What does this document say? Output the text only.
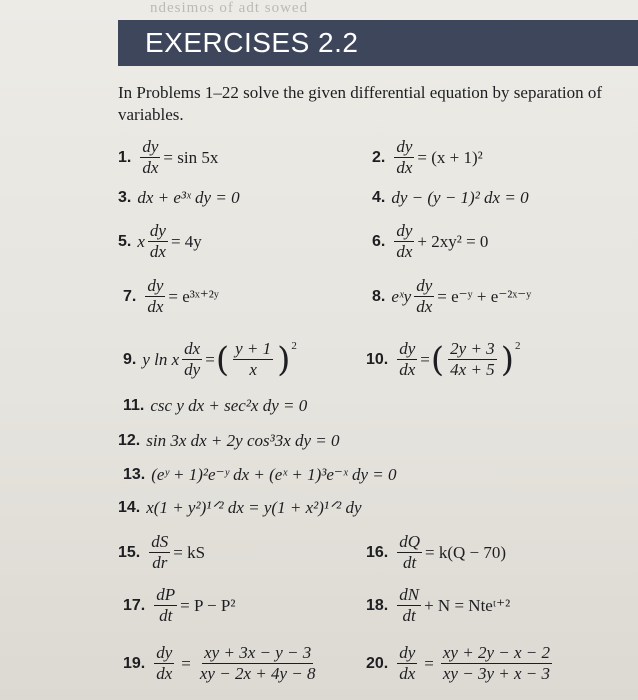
ndesimos of adt sowed
EXERCISES 2.2
In Problems 1–22 solve the given differential equation by separation of variables.
1. $\frac{dy}{dx} = \sin 5x$	2. $\frac{dy}{dx} = (x + 1)^2$
3. dx + e³ˣ dy = 0	4. dy − (y − 1)² dx = 0
5. x $\frac{dy}{dx} = 4y$	6. $\frac{dy}{dx} + 2xy^2 = 0$
7. $\frac{dy}{dx}$ = e³ˣ⁺²ʸ	8. eˣy $\frac{dy}{dx}$ = e⁻ʸ + e⁻²ˣ⁻ʸ
9. y ln x $\frac{dx}{dy}$ = ( $\frac{y + 1}{x} )^2$
10. $\frac{dy}{dx}$ = ( $\frac{2y + 3}{4x + 5} )^2$
11. csc y dx + sec²x dy = 0
12. sin 3x dx + 2y cos³3x dy = 0
13. (eʸ + 1)²e⁻ʸ dx + (eˣ + 1)³e⁻ˣ dy = 0
14. x(1 + y²)¹ᐟ² dx = y(1 + x²)¹ᐟ² dy
15. $\frac{dS}{dr}$ = kS	16. $\frac{dQ}{dt} = k(Q - 70)$
17. $\frac{dP}{dt} = P - P^2$	18. $\frac{dN}{dt} + N$ = Nteᵗ⁺²
19. $\frac{dy}{dx} = \frac{xy + 3x - y - 3}{xy - 2x + 4y - 8}$	20. $\frac{dy}{dx} = \frac{xy + 2y - x - 2}{xy - 3y + x - 3}$
